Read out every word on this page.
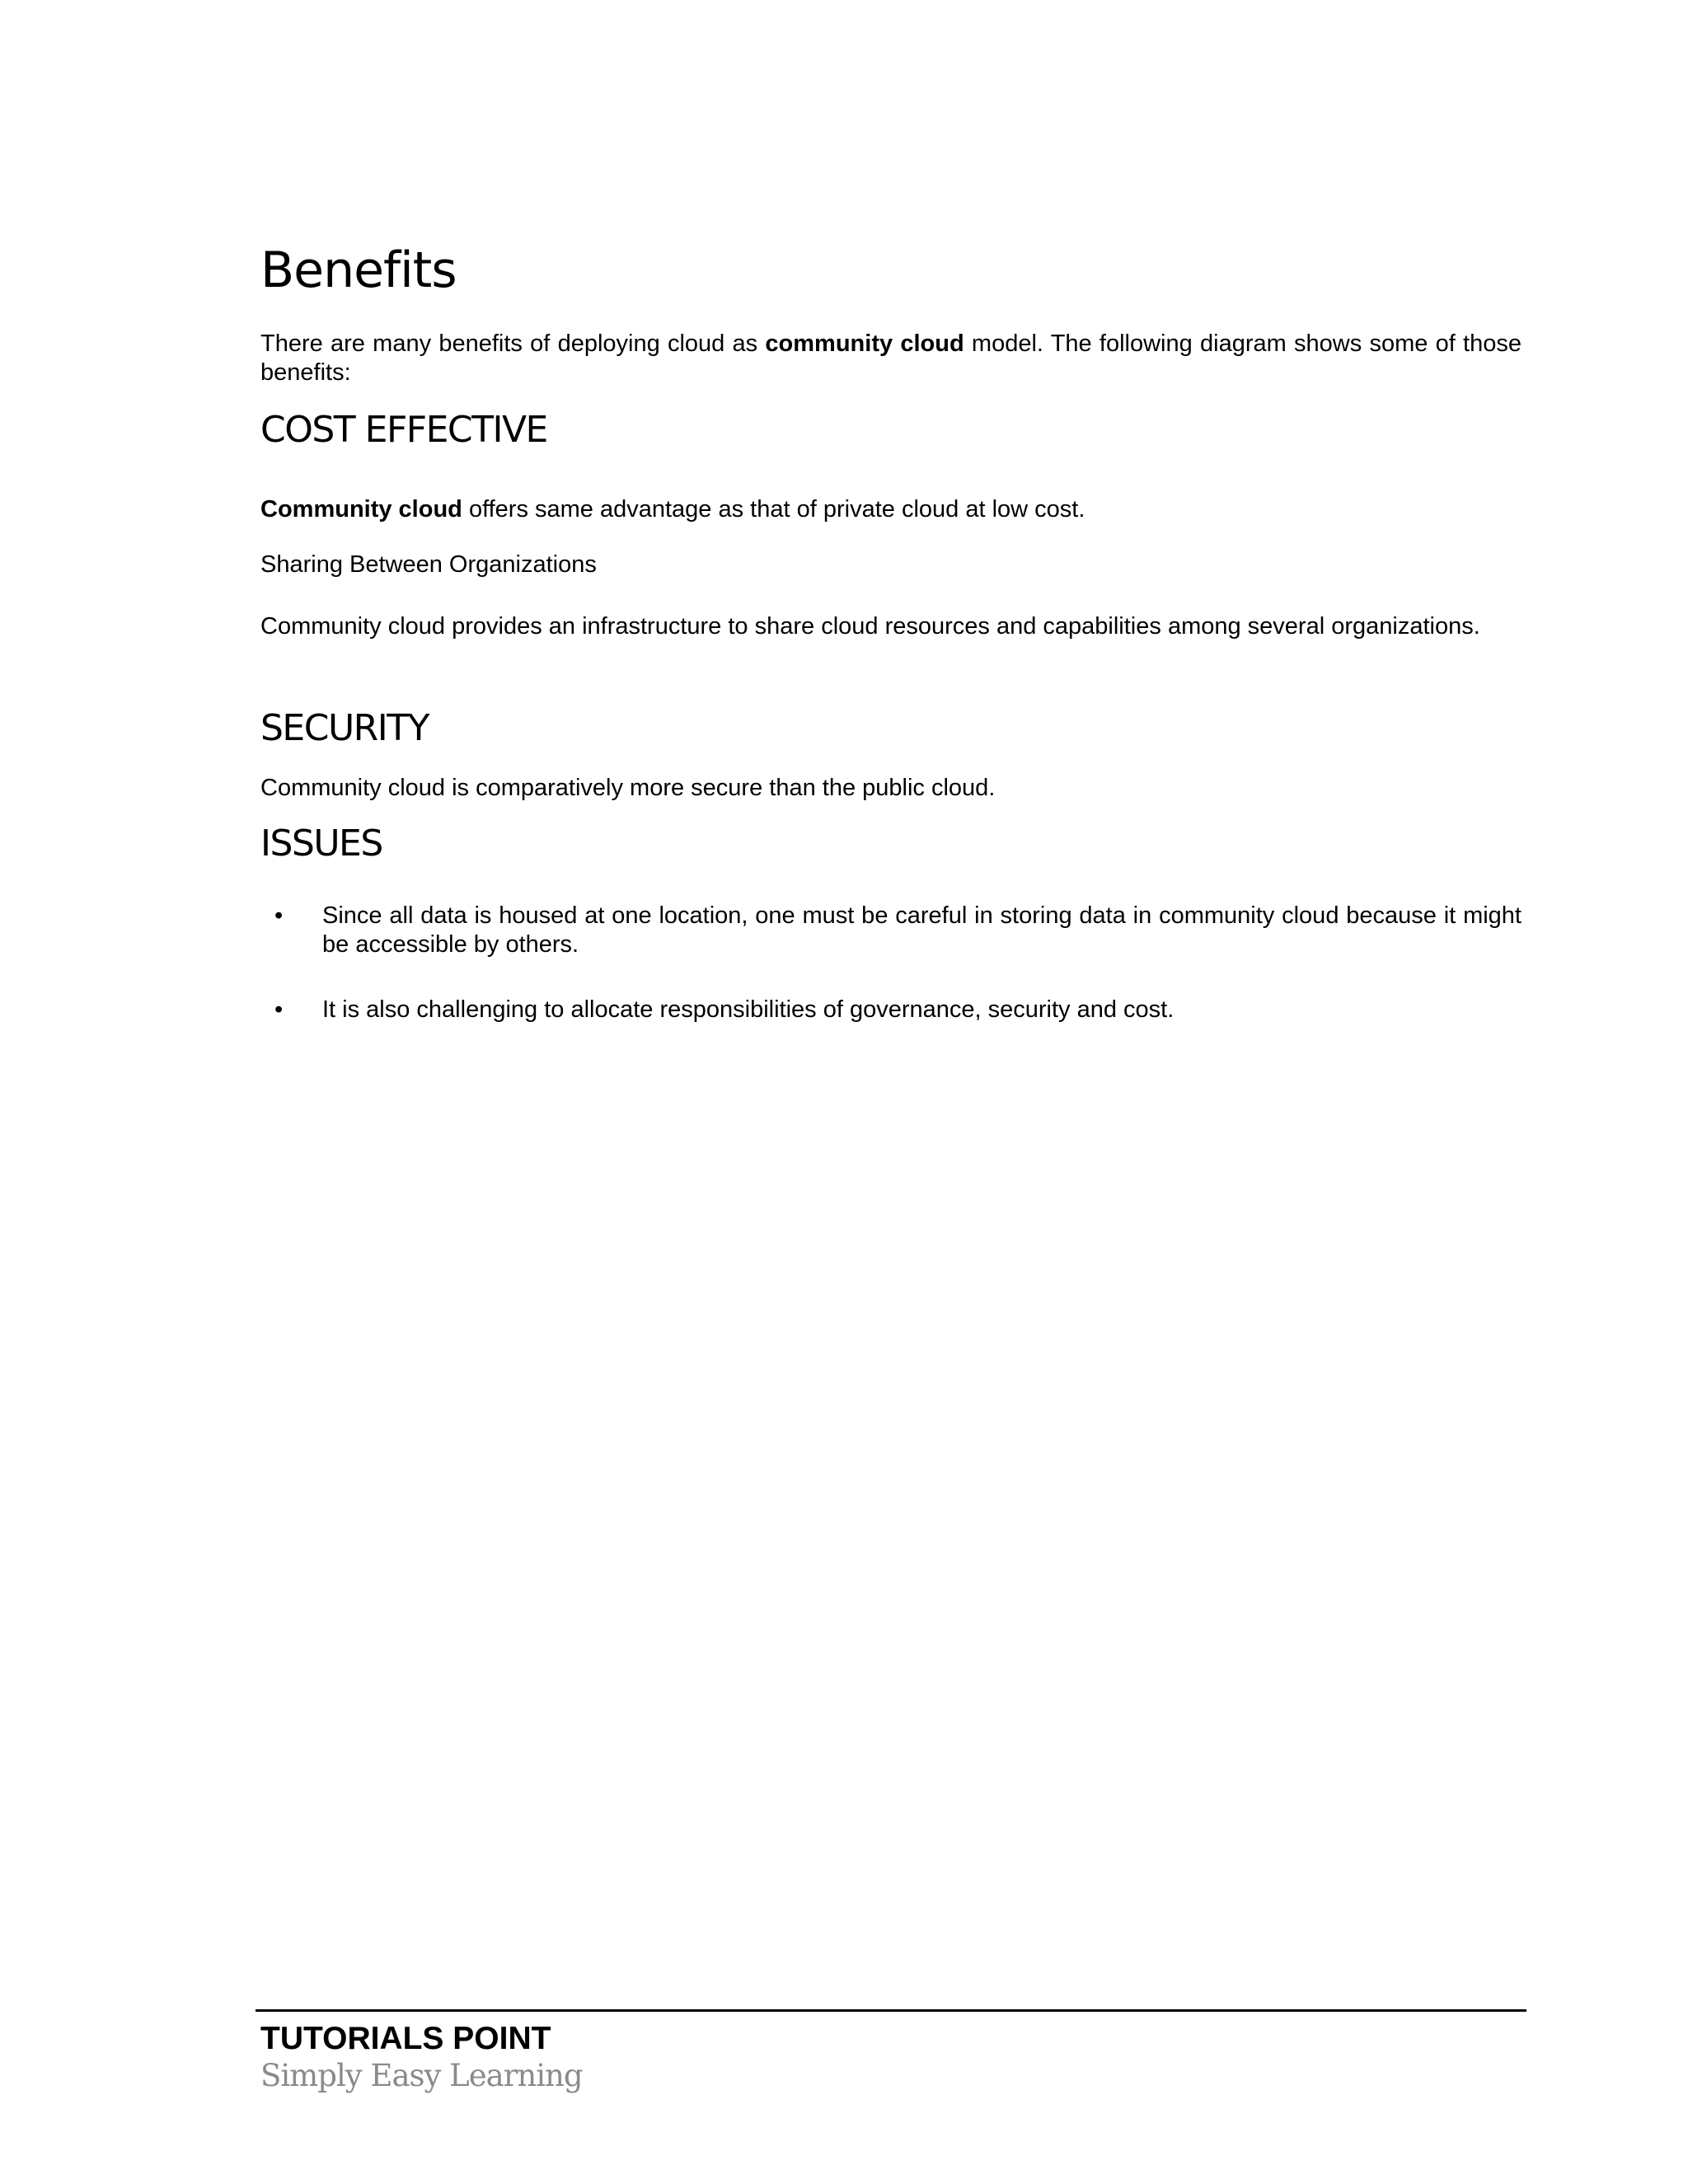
Benefits

There are many benefits of deploying cloud as community cloud model. The following diagram shows some of those benefits:

COST EFFECTIVE

Community cloud offers same advantage as that of private cloud at low cost.

Sharing Between Organizations

Community cloud provides an infrastructure to share cloud resources and capabilities among several organizations.

SECURITY

Community cloud is comparatively more secure than the public cloud.

ISSUES
• Since all data is housed at one location, one must be careful in storing data in community cloud because it might be accessible by others.
• It is also challenging to allocate responsibilities of governance, security and cost.

TUTORIALS POINT

Simply Easy Learning
